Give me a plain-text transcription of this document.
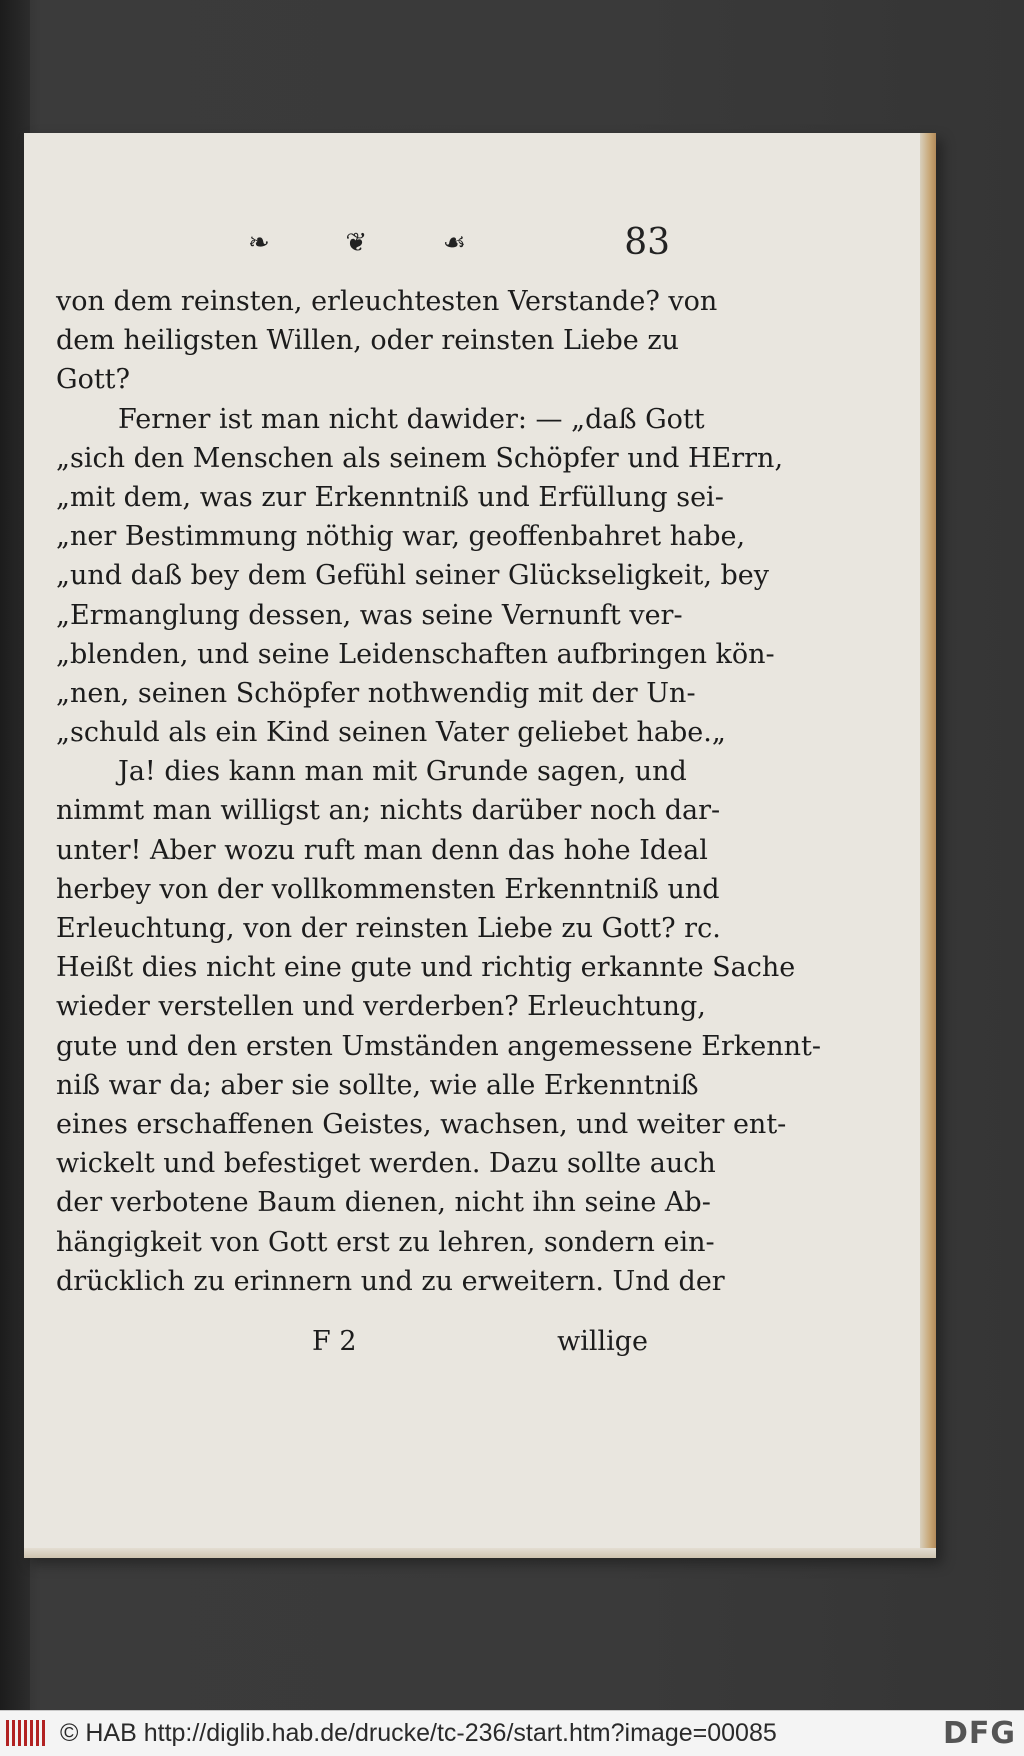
❧	❦	☙	83
von dem reinsten, erleuchtesten Verstande? von
dem heiligsten Willen, oder reinsten Liebe zu
Gott?
Ferner ist man nicht dawider: — „daß Gott
„sich den Menschen als seinem Schöpfer und HErrn,
„mit dem, was zur Erkenntniß und Erfüllung sei-
„ner Bestimmung nöthig war, geoffenbahret habe,
„und daß bey dem Gefühl seiner Glückseligkeit, bey
„Ermanglung dessen, was seine Vernunft ver-
„blenden, und seine Leidenschaften aufbringen kön-
„nen, seinen Schöpfer nothwendig mit der Un-
„schuld als ein Kind seinen Vater geliebet habe.„
Ja! dies kann man mit Grunde sagen, und
nimmt man willigst an; nichts darüber noch dar-
unter! Aber wozu ruft man denn das hohe Ideal
herbey von der vollkommensten Erkenntniß und
Erleuchtung, von der reinsten Liebe zu Gott? rc.
Heißt dies nicht eine gute und richtig erkannte Sache
wieder verstellen und verderben? Erleuchtung,
gute und den ersten Umständen angemessene Erkennt-
niß war da; aber sie sollte, wie alle Erkenntniß
eines erschaffenen Geistes, wachsen, und weiter ent-
wickelt und befestiget werden. Dazu sollte auch
der verbotene Baum dienen, nicht ihn seine Ab-
hängigkeit von Gott erst zu lehren, sondern ein-
drücklich zu erinnern und zu erweitern. Und der
F 2	willige
© HAB http://diglib.hab.de/drucke/tc-236/start.htm?image=00085	DFG
